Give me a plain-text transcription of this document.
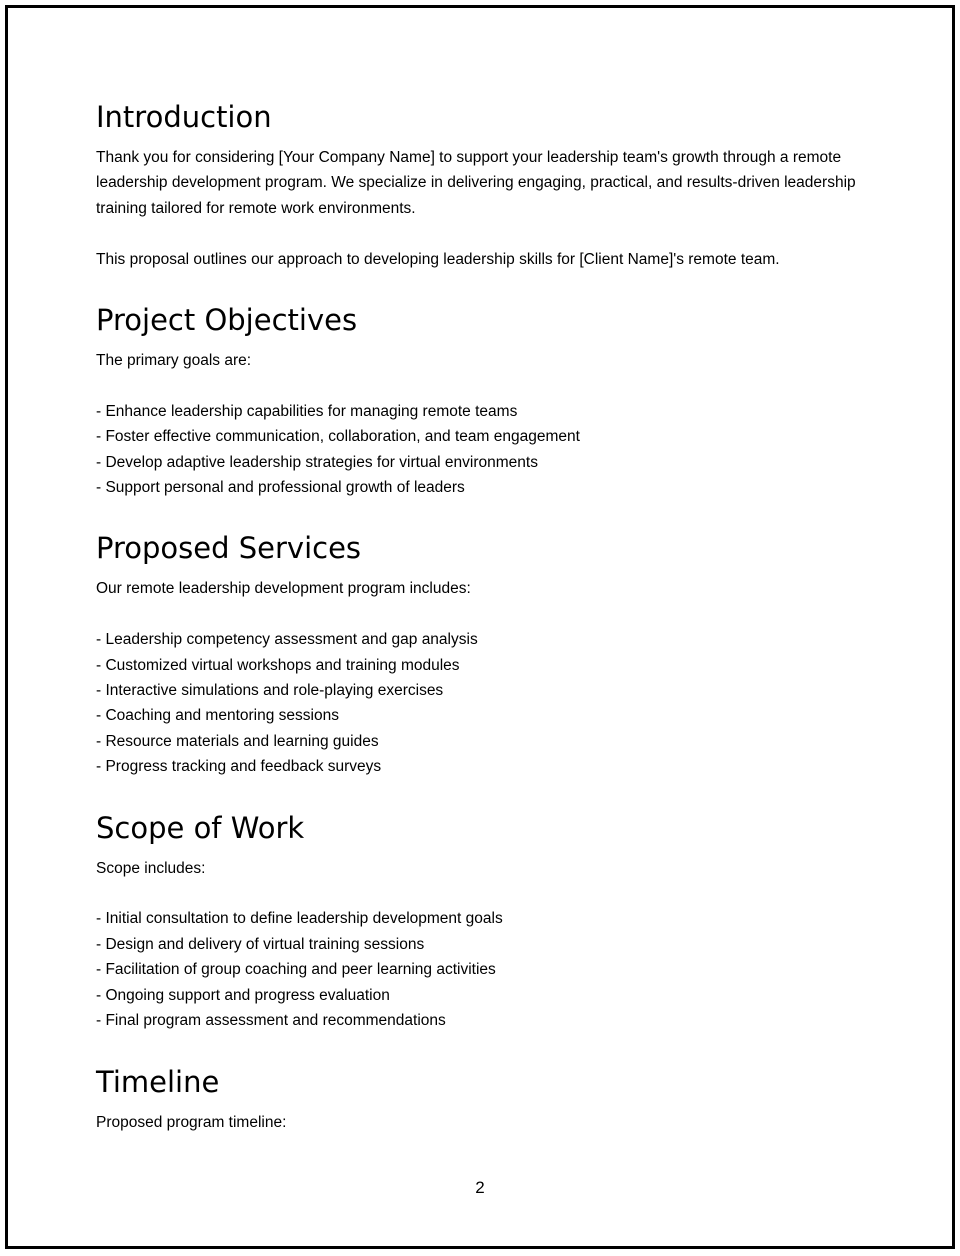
Introduction

Thank you for considering [Your Company Name] to support your leadership team's growth through a remote leadership development program. We specialize in delivering engaging, practical, and results-driven leadership training tailored for remote work environments.

This proposal outlines our approach to developing leadership skills for [Client Name]'s remote team.

Project Objectives

The primary goals are:

- Enhance leadership capabilities for managing remote teams
- Foster effective communication, collaboration, and team engagement
- Develop adaptive leadership strategies for virtual environments
- Support personal and professional growth of leaders
Proposed Services

Our remote leadership development program includes:

- Leadership competency assessment and gap analysis
- Customized virtual workshops and training modules
- Interactive simulations and role-playing exercises
- Coaching and mentoring sessions
- Resource materials and learning guides
- Progress tracking and feedback surveys
Scope of Work

Scope includes:

- Initial consultation to define leadership development goals
- Design and delivery of virtual training sessions
- Facilitation of group coaching and peer learning activities
- Ongoing support and progress evaluation
- Final program assessment and recommendations
Timeline

Proposed program timeline:

2
